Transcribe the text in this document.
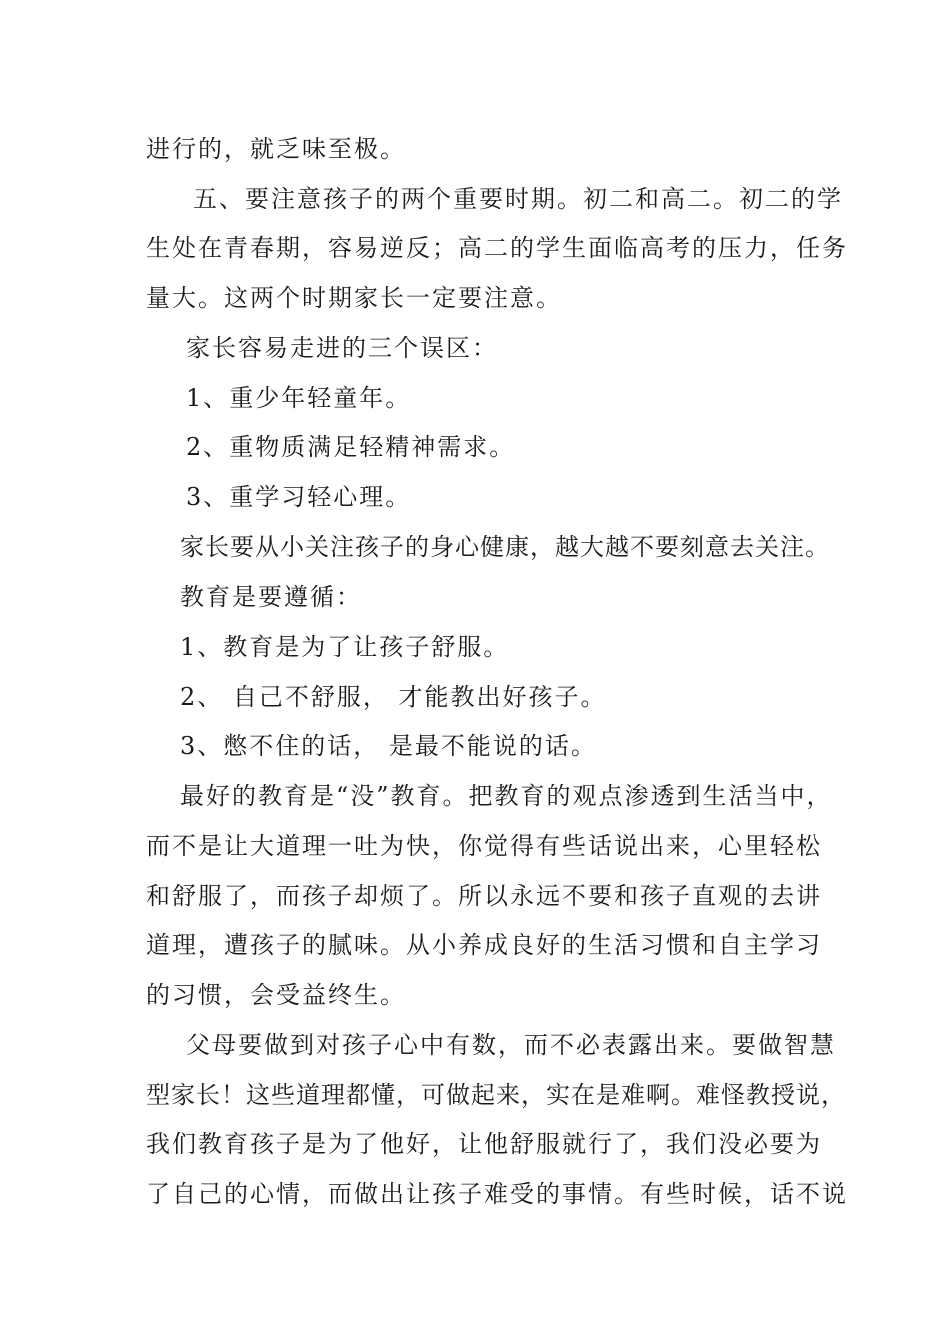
进行的，就乏味至极。
五、要注意孩子的两个重要时期。初二和高二。初二的学
生处在青春期，容易逆反；高二的学生面临高考的压力，任务
量大。这两个时期家长一定要注意。
家长容易走进的三个误区：
1、重少年轻童年。
2、重物质满足轻精神需求。
3、重学习轻心理。
家长要从小关注孩子的身心健康，越大越不要刻意去关注。
教育是要遵循：
1、教育是为了让孩子舒服。
2、 自己不舒服， 才能教出好孩子。
3、憋不住的话， 是最不能说的话。
最好的教育是“没”教育。把教育的观点渗透到生活当中，
而不是让大道理一吐为快，你觉得有些话说出来，心里轻松
和舒服了，而孩子却烦了。所以永远不要和孩子直观的去讲
道理，遭孩子的腻味。从小养成良好的生活习惯和自主学习
的习惯，会受益终生。
父母要做到对孩子心中有数，而不必表露出来。要做智慧
型家长！这些道理都懂，可做起来，实在是难啊。难怪教授说，
我们教育孩子是为了他好，让他舒服就行了，我们没必要为
了自己的心情，而做出让孩子难受的事情。有些时候，话不说
